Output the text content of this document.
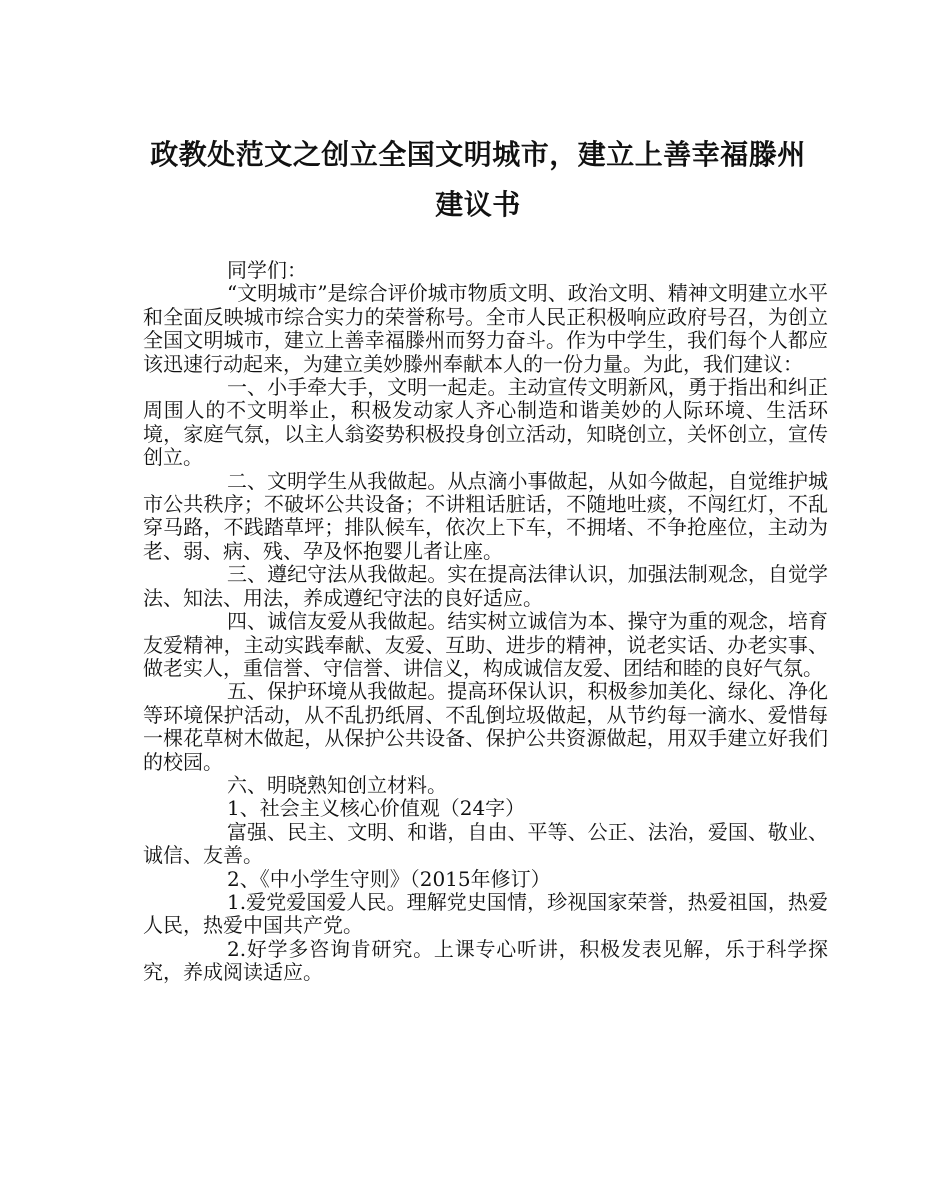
政教处范文之创立全国文明城市，建立上善幸福滕州建议书

同学们：

“文明城市”是综合评价城市物质文明、政治文明、精神文明建立水平和全面反映城市综合实力的荣誉称号。全市人民正积极响应政府号召，为创立全国文明城市，建立上善幸福滕州而努力奋斗。作为中学生，我们每个人都应该迅速行动起来，为建立美妙滕州奉献本人的一份力量。为此，我们建议：

一、小手牵大手，文明一起走。主动宣传文明新风，勇于指出和纠正周围人的不文明举止，积极发动家人齐心制造和谐美妙的人际环境、生活环境，家庭气氛，以主人翁姿势积极投身创立活动，知晓创立，关怀创立，宣传创立。

二、文明学生从我做起。从点滴小事做起，从如今做起，自觉维护城市公共秩序；不破坏公共设备；不讲粗话脏话，不随地吐痰，不闯红灯，不乱穿马路，不践踏草坪；排队候车，依次上下车，不拥堵、不争抢座位，主动为老、弱、病、残、孕及怀抱婴儿者让座。

三、遵纪守法从我做起。实在提高法律认识，加强法制观念，自觉学法、知法、用法，养成遵纪守法的良好适应。

四、诚信友爱从我做起。结实树立诚信为本、操守为重的观念，培育友爱精神，主动实践奉献、友爱、互助、进步的精神，说老实话、办老实事、做老实人，重信誉、守信誉、讲信义，构成诚信友爱、团结和睦的良好气氛。

五、保护环境从我做起。提高环保认识，积极参加美化、绿化、净化等环境保护活动，从不乱扔纸屑、不乱倒垃圾做起，从节约每一滴水、爱惜每一棵花草树木做起，从保护公共设备、保护公共资源做起，用双手建立好我们的校园。

六、明晓熟知创立材料。

1、社会主义核心价值观（24字）

富强、民主、文明、和谐，自由、平等、公正、法治，爱国、敬业、诚信、友善。

2、《中小学生守则》（2015年修订）

1.爱党爱国爱人民。理解党史国情，珍视国家荣誉，热爱祖国，热爱人民，热爱中国共产党。

2.好学多咨询肯研究。上课专心听讲，积极发表见解，乐于科学探究，养成阅读适应。
